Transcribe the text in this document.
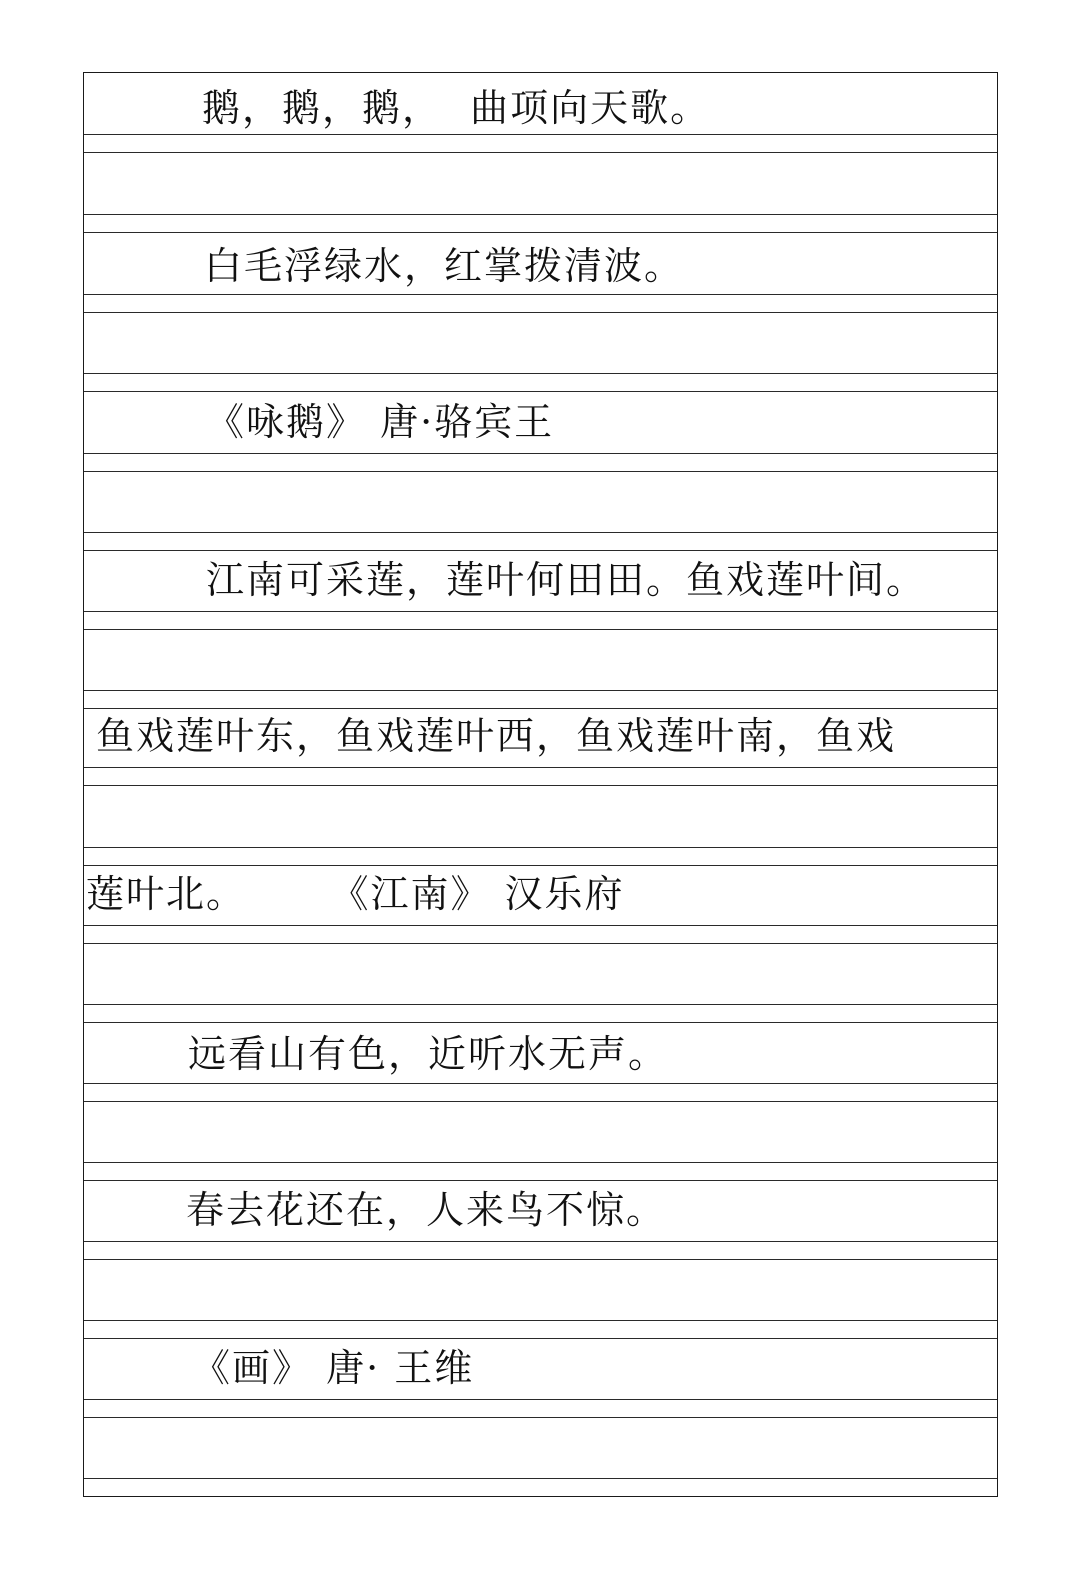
鹅，鹅，鹅，  曲项向天歌。
白毛浮绿水，红掌拨清波。
《咏鹅》 唐·骆宾王
江南可采莲，莲叶何田田。鱼戏莲叶间。
鱼戏莲叶东，鱼戏莲叶西，鱼戏莲叶南，鱼戏
莲叶北。      《江南》 汉乐府
远看山有色，近听水无声。
春去花还在，人来鸟不惊。
《画》 唐· 王维
